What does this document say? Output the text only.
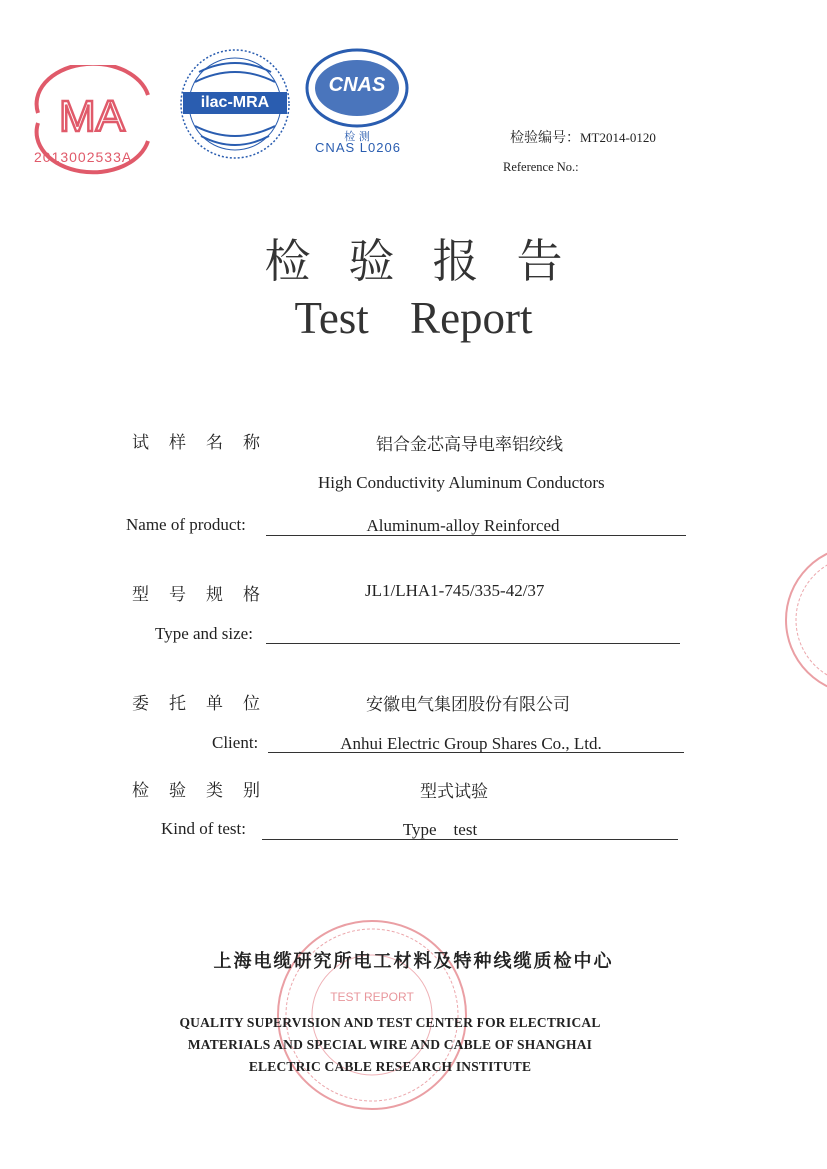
MA
2013002533A
ilac-MRA
CNAS
检 测
CNAS L0206
检验编号：MT2014-0120
Reference No.:
检验报告
Test Report
试样名称	铝合金芯高导电率铝绞线
High Conductivity Aluminum Conductors
Name of product:	Aluminum-alloy Reinforced
型号规格	JL1/LHA1-745/335-42/37
Type and size:
委托单位	安徽电气集团股份有限公司
Client:	Anhui Electric Group Shares Co., Ltd.
检验类别	型式试验
Kind of test:	Type    test
TEST REPORT
上海电缆研究所电工材料及特种线缆质检中心
QUALITY SUPERVISION AND TEST CENTER FOR ELECTRICAL
MATERIALS AND SPECIAL WIRE AND CABLE OF SHANGHAI
ELECTRIC CABLE RESEARCH INSTITUTE
